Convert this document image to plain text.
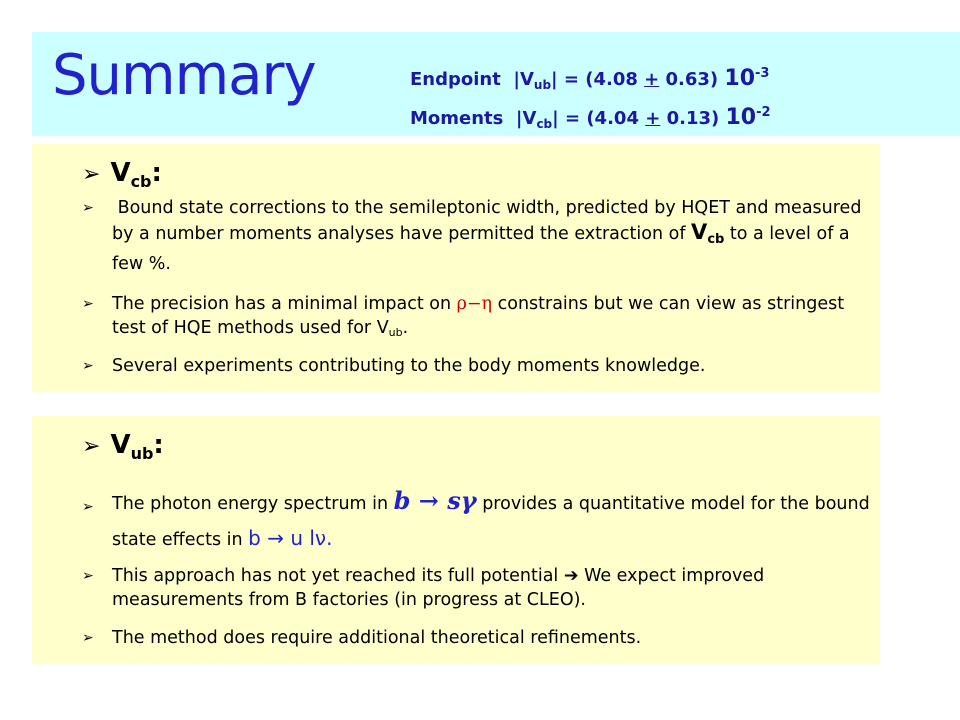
Summary	Endpoint $|V_{ub}| = (4.08 + 0.63)$ $10^{-3}$
Moments $|V_{cb}| = (4.04 + 0.13)$ $10^{-2}$
➢ $V_{cb}$:
➢	Bound state corrections to the semileptonic width, predicted by HQET and measured by a number moments analyses have permitted the extraction of $V_{cb}$ to a level of a few %.
➢	The precision has a minimal impact on ρ−η constrains but we can view as stringest test of HQE methods used for $V_{ub}$.
➢	Several experiments contributing to the body moments knowledge.
➢ $V_{ub}$:
➢	The photon energy spectrum in b → sγ provides a quantitative model for the bound state effects in b → u lν.
➢	This approach has not yet reached its full potential ➔ We expect improved measurements from B factories (in progress at CLEO).
➢	The method does require additional theoretical refinements.
